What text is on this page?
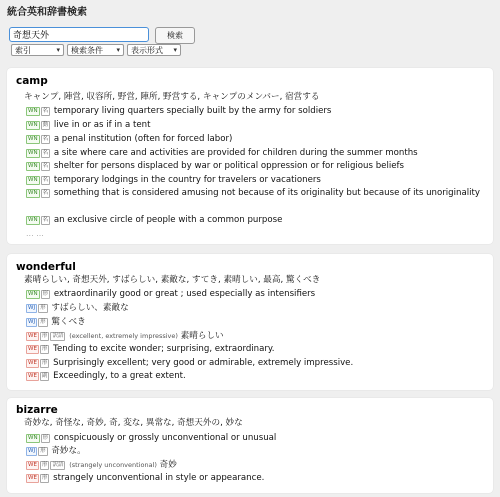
統合英和辞書検索
奇想天外
検索
索引	▾ 検索条件 ▾ 表示形式 ▾
camp
キャンプ, 陣営, 収容所, 野営, 陣所, 野営する, キャンプのメンバー, 宿営する
WN 名 temporary living quarters specially built by the army for soldiers
WN 動 live in or as if in a tent
WN 名 a penal institution (often for forced labor)
WN 名 a site where care and activities are provided for children during the summer months
WN 名 shelter for persons displaced by war or political oppression or for religious beliefs
WN 名 temporary lodgings in the country for travelers or vacationers
WN 名 something that is considered amusing not because of its originality but because of its unoriginality
WN 名 an exclusive circle of people with a common purpose
... ...
wonderful
素晴らしい, 奇想天外, すばらしい, 素敵な, すてき, 素晴しい, 最高, 驚くべき
WN 形 extraordinarily good or great ; used especially as intensifiers
WJ 形 すばらしい、素敵な
WJ 形 驚くべき
WE 形 訳語 (excellent, extremely impressive) 素晴らしい
WE 形 Tending to excite wonder; surprising, extraordinary.
WE 形 Surprisingly excellent; very good or admirable, extremely impressive.
WE 副 Exceedingly, to a great extent.
bizarre
奇妙な, 奇怪な, 奇妙, 奇, 変な, 異常な, 奇想天外の, 妙な
WN 形 conspicuously or grossly unconventional or unusual
WJ 形 奇妙な。
WE 形 訳語 (strangely unconventional) 奇妙
WE 形 strangely unconventional in style or appearance.
